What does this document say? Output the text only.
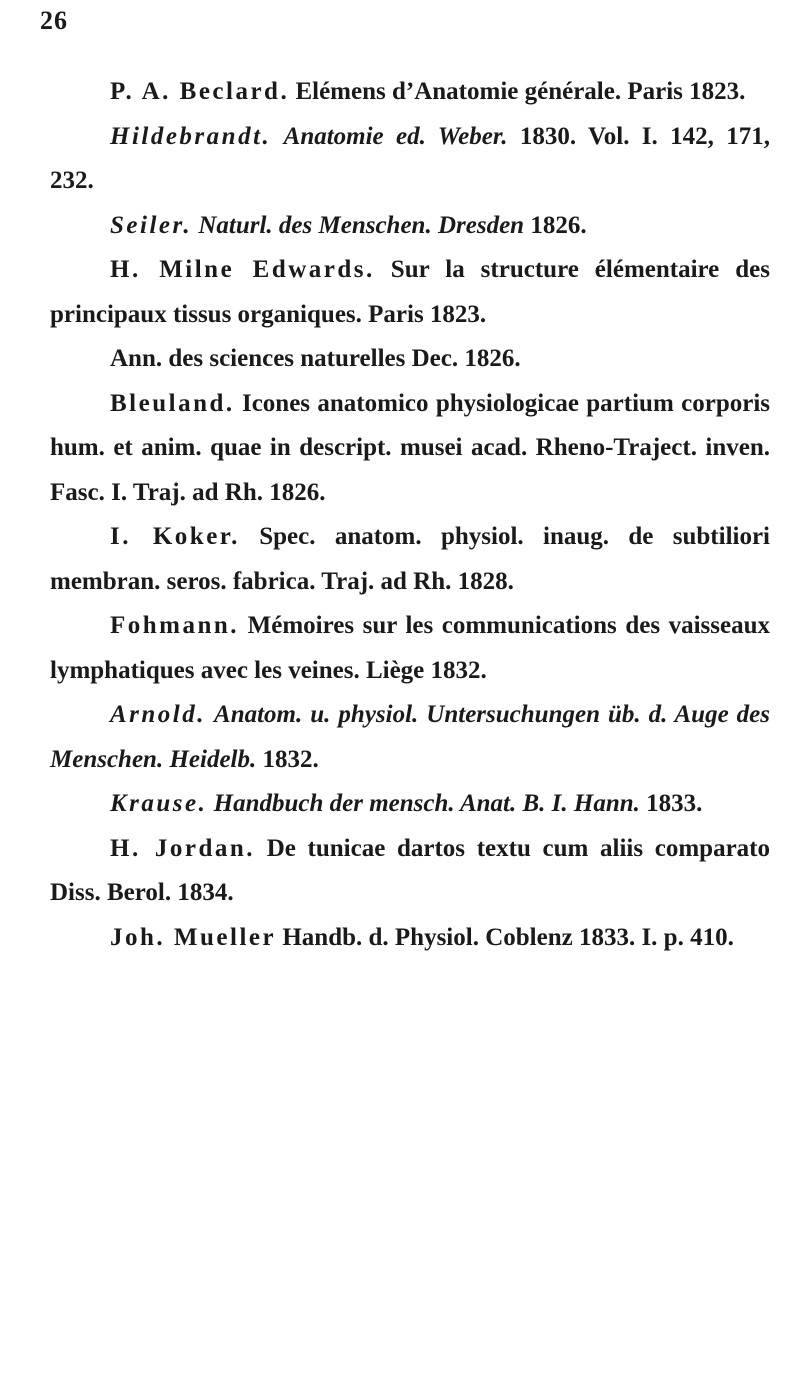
26

P. A. Beclard. Elémens d’Anatomie générale. Paris 1823.

Hildebrandt. Anatomie ed. Weber. 1830. Vol. I. 142, 171, 232.

Seiler. Naturl. des Menschen. Dresden 1826.

H. Milne Edwards. Sur la structure élémentaire des principaux tissus organiques. Paris 1823.

Ann. des sciences naturelles Dec. 1826.

Bleuland. Icones anatomico physiologicae partium corporis hum. et anim. quae in descript. musei acad. Rheno-Traject. inven. Fasc. I. Traj. ad Rh. 1826.

I. Koker. Spec. anatom. physiol. inaug. de subtiliori membran. seros. fabrica. Traj. ad Rh. 1828.

Fohmann. Mémoires sur les communications des vaisseaux lymphatiques avec les veines. Liège 1832.

Arnold. Anatom. u. physiol. Untersuchungen üb. d. Auge des Menschen. Heidelb. 1832.

Krause. Handbuch der mensch. Anat. B. I. Hann. 1833.

H. Jordan. De tunicae dartos textu cum aliis comparato Diss. Berol. 1834.

Joh. Mueller Handb. d. Physiol. Coblenz 1833. I. p. 410.
